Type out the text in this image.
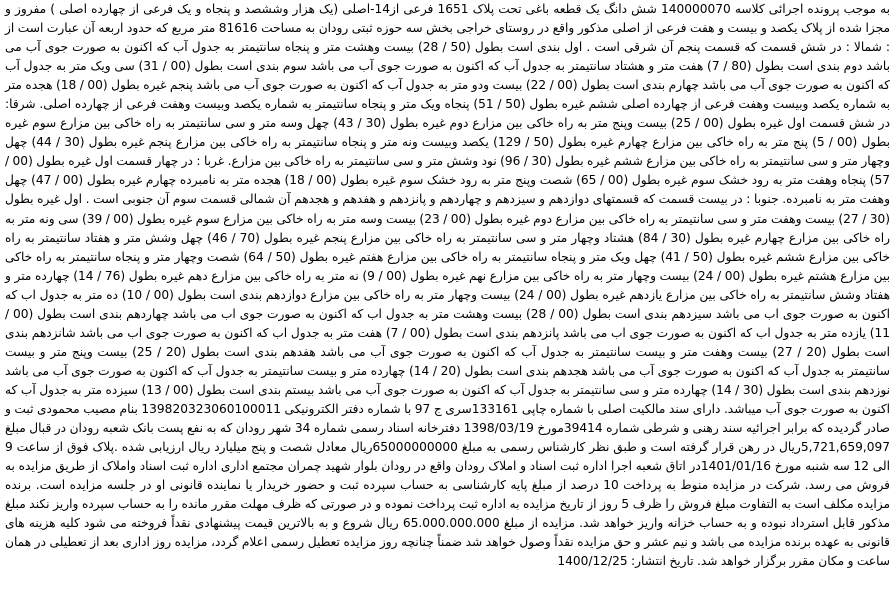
به موجب پرونده اجرائی کلاسه 140000070 شش دانگ یک قطعه باغی تحت پلاک 1651 فرعی از14-اصلی (یک هزار وششصد و پنجاه و یک فرعی از چهارده اصلی ) مفروز و مجزا شده از پلاک یکصد و بیست و هفت فرعی از اصلی مذکور واقع در روستای خراجی بخش سه حوزه ثبتی رودان به مساحت 81616 متر مربع که حدود اربعه آن عبارت است از : شمالا : در شش قسمت که قسمت پنجم آن شرقی است . اول بندی است بطول (50 / 28) بیست وهشت متر و پنجاه سانتیمتر به جدول آب که اکنون به صورت جوی آب می باشد دوم بندی است بطول (80 / 7) هفت متر و هشتاد سانتیمتر به جدول آب که اکنون به صورت جوی آب می باشد سوم بندی است بطول (00 / 31) سی ویک متر به جدول آب که اکنون به صورت جوی آب می باشد چهارم بندی است بطول (00 / 22) بیست ودو متر به جدول آب که اکنون به صورت جوی آب می باشد پنجم غیره بطول (00 / 18) هجده متر به شماره یکصد وبیست وهفت فرعی از چهارده اصلی ششم غیره بطول (50 / 51) پنجاه ویک متر و پنجاه سانتیمتر به شماره یکصد وبیست وهفت فرعی از چهارده اصلی. شرقا: در شش قسمت اول غیره بطول (00 / 25) بیست وپنج متر به راه خاکی بین مزارع دوم غیره بطول (30 / 43) چهل وسه متر و سی سانتیمتر به راه خاکی بین مزارع سوم غیره بطول (00 / 5) پنج متر به راه خاکی بین مزارع چهارم غیره بطول (50 / 129) یکصد وبیست ونه متر و پنجاه سانتیمتر به راه خاکی بین مزارع پنجم غیره بطول (30 / 44) چهل وچهار متر و سی سانتیمتر به راه خاکی بین مزارع ششم غیره بطول (30 / 96) نود وشش متر و سی سانتیمتر به راه خاکی بین مزارع. غربا : در چهار قسمت اول غیره بطول (00 / 57) پنجاه وهفت متر به رود خشک سوم غیره بطول (00 / 65) شصت وپنج متر به رود خشک سوم غیره بطول (00 / 18) هجده متر به نامبرده چهارم غیره بطول (00 / 47) چهل وهفت متر به نامبرده. جنوبا : در بیست قسمت که قسمتهای دوازدهم و سیزدهم و چهاردهم و پانزدهم و هفدهم و هجدهم آن شمالی قسمت سوم آن جنوبی است . اول غیره بطول (30 / 27) بیست وهفت متر و سی سانتیمتر به راه خاکی بین مزارع دوم غیره بطول (00 / 23) بیست وسه متر به راه خاکی بین مزارع سوم غیره بطول (00 / 39) سی ونه متر به راه خاکی بین مزارع چهارم غیره بطول (30 / 84) هشتاد وچهار متر و سی سانتیمتر به راه خاکی بین مزارع پنجم غیره بطول (70 / 46) چهل وشش متر و هفتاد سانتیمتر به راه خاکی بین مزارع ششم غیره بطول (50 / 41) چهل ویک متر و پنجاه سانتیمتر به راه خاکی بین مزارع هفتم غیره بطول (50 / 64) شصت وچهار متر و پنجاه سانتیمتر به راه خاکی بین مزارع هشتم غیره بطول (00 / 24) بیست وچهار متر به راه خاکی بین مزارع نهم غیره بطول (00 / 9) نه متر به راه خاکی بین مزارع دهم غیره بطول (76 / 14) چهارده متر و هفتاد وشش سانتیمتر به راه خاکی بین مزارع یازدهم غیره بطول (00 / 24) بیست وچهار متر به راه خاکی بین مزارع دوازدهم بندی است بطول (00 / 10) ده متر به جدول اب که اکنون به صورت جوی اب می باشد سیزدهم بندی است بطول (00 / 28) بیست وهشت متر به جدول اب که اکنون به صورت جوی اب می باشد چهاردهم بندی است بطول (00 / 11) یازده متر به جدول اب که اکنون به صورت جوی اب می باشد پانزدهم بندی است بطول (00 / 7) هفت متر به جدول اب که اکنون به صورت جوی اب می باشد شانزدهم بندی است بطول (20 / 27) بیست وهفت متر و بیست سانتیمتر به جدول آب که اکنون به صورت جوی آب می باشد هفدهم بندی است بطول (20 / 25) بیست وپنج متر و بیست سانتیمتر به جدول آب که اکنون به صورت جوی آب می باشد هجدهم بندی است بطول (20 / 14) چهارده متر و بیست سانتیمتر به جدول آب که اکنون به صورت جوی آب می باشد نوزدهم بندی است بطول (30 / 14) چهارده متر و سی سانتیمتر به جدول آب که اکنون به صورت جوی آب می باشد بیستم بندی است بطول (00 / 13) سیزده متر به جدول آب که اکنون به صورت جوی آب میباشد. دارای سند مالکیت اصلی با شماره چاپی 133161سری ج 97 با شماره دفتر الکترونیکی 139820323060100011 بنام مصیب محمودی ثبت و صادر گردیده که برابر اجرائیه سند رهنی و شرطی شماره 39414مورخ 1398/03/19 دفترخانه اسناد رسمی شماره 34 شهر رودان که به نفع پست بانک شعبه رودان در قبال مبلغ 5,721,659,097ریال در رهن قرار گرفته است و طبق نظر کارشناس رسمی به مبلغ 65000000000ریال معادل شصت و پنج میلیارد ریال ارزیابی شده .پلاک فوق از ساعت 9 الی 12 سه شنبه مورخ 1401/01/16در اتاق شعبه اجرا اداره ثبت اسناد و املاک رودان واقع در رودان بلوار شهید چمران مجتمع اداری اداره ثبت اسناد واملاک از طریق مزایده به فروش می رسد. شرکت در مزایده منوط به پرداخت 10 درصد از مبلغ پایه کارشناسی به حساب سپرده ثبت و حضور خریدار یا نماینده قانونی او در جلسه مزایده است. برنده مزایده مکلف است به التفاوت مبلغ فروش را ظرف 5 روز از تاریخ مزایده به اداره ثبت پرداخت نموده و در صورتی که ظرف مهلت مقرر مانده را به حساب سپرده واریز نکند مبلغ مذکور قابل استرداد نبوده و به حساب خزانه واریز خواهد شد. مزایده از مبلغ 65.000.000.000 ریال شروع و به بالاترین قیمت پیشنهادی نقداً فروخته می شود کلیه هزینه های قانونی به عهده برنده مزایده می باشد و نیم عشر و حق مزایده نقداً وصول خواهد شد ضمناً چنانچه روز مزایده تعطیل رسمی اعلام گردد، مزایده روز اداری بعد از تعطیلی در همان ساعت و مکان مقرر برگزار خواهد شد. تاریخ انتشار: 1400/12/25
